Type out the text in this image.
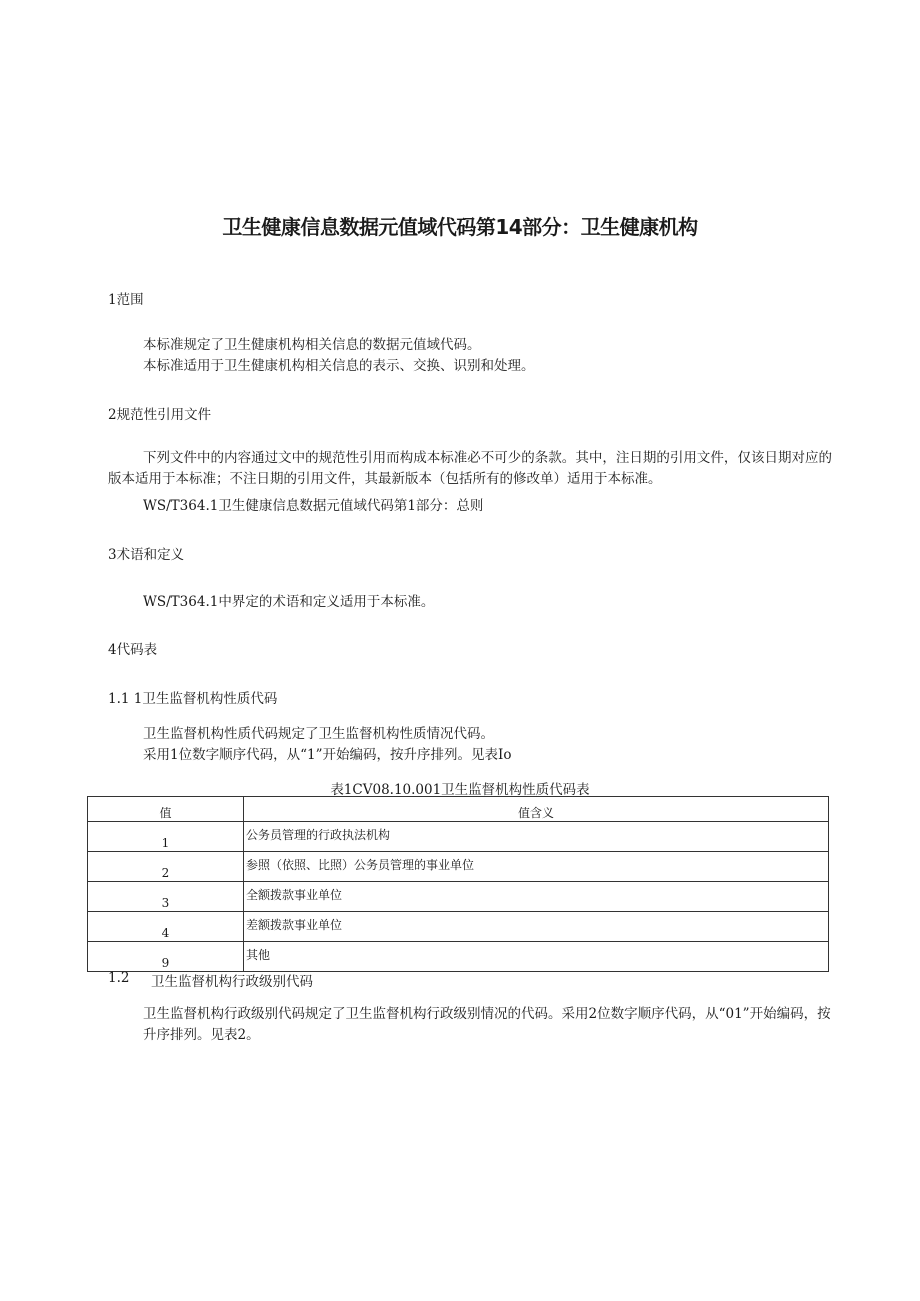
卫生健康信息数据元值域代码第14部分：卫生健康机构

1范围

本标准规定了卫生健康机构相关信息的数据元值域代码。

本标准适用于卫生健康机构相关信息的表示、交换、识别和处理。

2规范性引用文件

下列文件中的内容通过文中的规范性引用而构成本标准必不可少的条款。其中，注日期的引用文件，仅该日期对应的版本适用于本标准；不注日期的引用文件，其最新版本（包括所有的修改单）适用于本标准。

WS/T364.1卫生健康信息数据元值域代码第1部分：总则

3术语和定义

WS/T364.1中界定的术语和定义适用于本标准。

4代码表

1.1 1卫生监督机构性质代码

卫生监督机构性质代码规定了卫生监督机构性质情况代码。

采用1位数字顺序代码，从“1”开始编码，按升序排列。见表Io

表1CV08.10.001卫生监督机构性质代码表

值	值含义
1	公务员管理的行政执法机构
2	参照（依照、比照）公务员管理的事业单位
3	全额拨款事业单位
4	差额拨款事业单位
9	其他

1.2 卫生监督机构行政级别代码

卫生监督机构行政级别代码规定了卫生监督机构行政级别情况的代码。采用2位数字顺序代码，从“01”开始编码，按升序排列。见表2。
